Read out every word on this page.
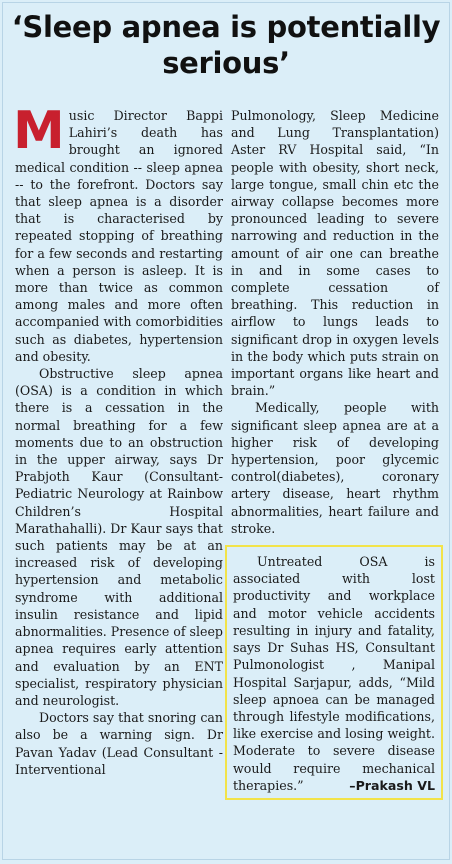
‘Sleep apnea is potentially serious’

Music Director Bappi Lahiri’s death has brought an ignored medical condition -- sleep apnea -- to the forefront. Doctors say that sleep apnea is a disorder that is characterised by repeated stopping of breathing for a few seconds and restarting when a person is asleep. It is more than twice as common among males and more often accompanied with comorbidities such as diabetes, hypertension and obesity.

Obstructive sleep apnea (OSA) is a condition in which there is a cessation in the normal breathing for a few moments due to an obstruction in the upper airway, says Dr Prabjoth Kaur (Consultant- Pediatric Neurology at Rainbow Children’s Hospital Marathahalli). Dr Kaur says that such patients may be at an increased risk of developing hypertension and metabolic syndrome with additional insulin resistance and lipid abnormalities. Presence of sleep apnea requires early attention and evaluation by an ENT specialist, respiratory physician and neurologist.

Doctors say that snoring can also be a warning sign. Dr Pavan Yadav (Lead Consultant - Interventional

Pulmonology, Sleep Medicine and Lung Transplantation) Aster RV Hospital said, “In people with obesity, short neck, large tongue, small chin etc the airway collapse becomes more pronounced leading to severe narrowing and reduction in the amount of air one can breathe in and in some cases to complete cessation of breathing. This reduction in airflow to lungs leads to significant drop in oxygen levels in the body which puts strain on important organs like heart and brain.”

Medically, people with significant sleep apnea are at a higher risk of developing hypertension, poor glycemic control(diabetes), coronary artery disease, heart rhythm abnormalities, heart failure and stroke.

Untreated OSA is associated with lost productivity and workplace and motor vehicle accidents resulting in injury and fatality, says Dr Suhas HS, Consultant Pulmonologist , Manipal Hospital Sarjapur, adds, “Mild sleep apnoea can be managed through lifestyle modifications, like exercise and losing weight. Moderate to severe disease would require mechanical therapies.”	–Prakash VL
